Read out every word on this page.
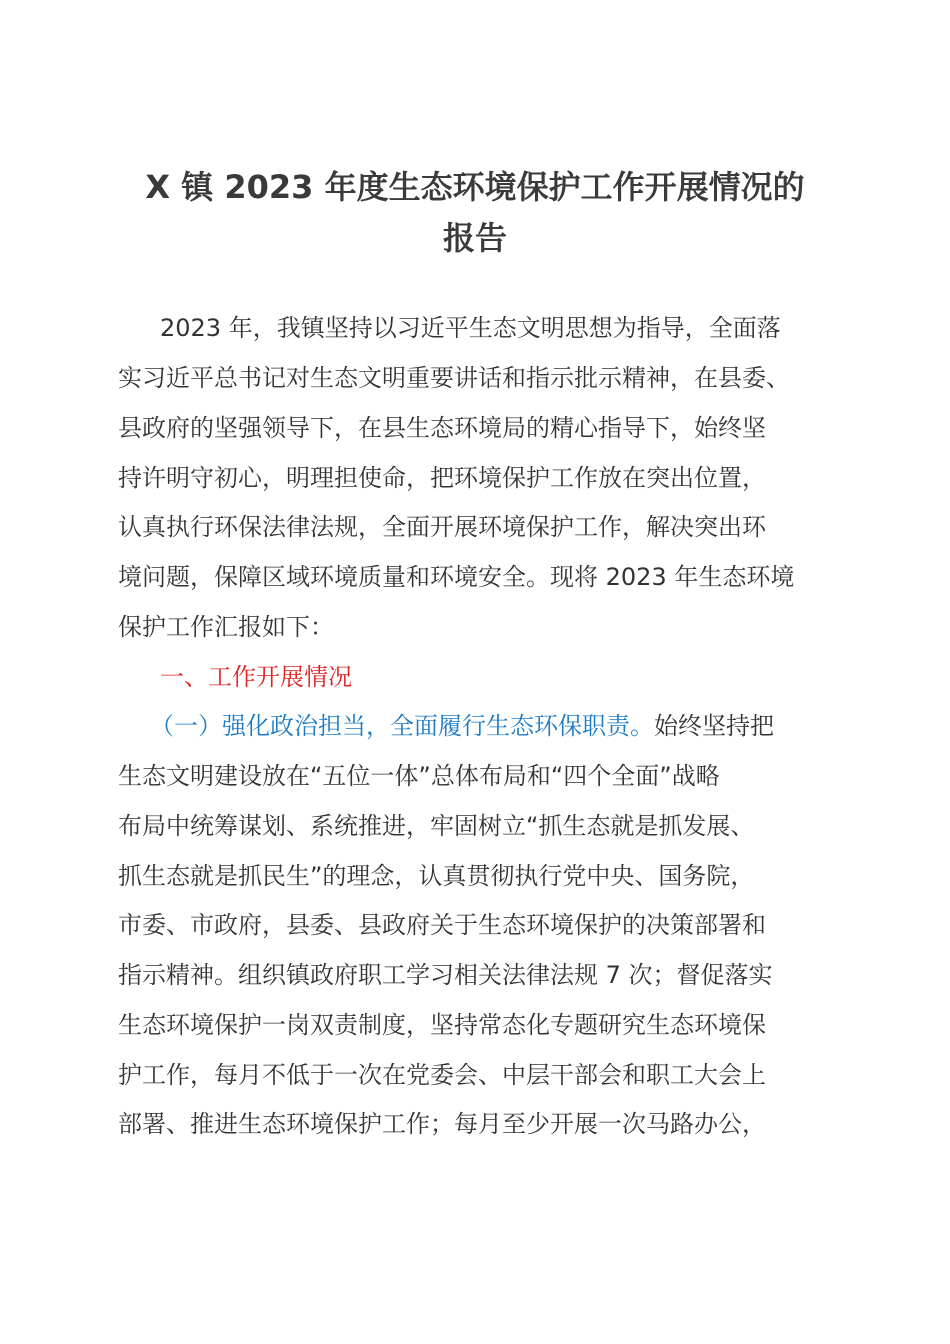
X 镇 2023 年度生态环境保护工作开展情况的
报告

2023 年，我镇坚持以习近平生态文明思想为指导，全面落

实习近平总书记对生态文明重要讲话和指示批示精神，在县委、

县政府的坚强领导下，在县生态环境局的精心指导下，始终坚

持许明守初心，明理担使命，把环境保护工作放在突出位置，

认真执行环保法律法规，全面开展环境保护工作，解决突出环

境问题，保障区域环境质量和环境安全。现将 2023 年生态环境

保护工作汇报如下：

一、工作开展情况

（一）强化政治担当，全面履行生态环保职责。始终坚持把

生态文明建设放在“五位一体”总体布局和“四个全面”战略

布局中统筹谋划、系统推进，牢固树立“抓生态就是抓发展、

抓生态就是抓民生”的理念，认真贯彻执行党中央、国务院，

市委、市政府，县委、县政府关于生态环境保护的决策部署和

指示精神。组织镇政府职工学习相关法律法规 7 次；督促落实

生态环境保护一岗双责制度，坚持常态化专题研究生态环境保

护工作，每月不低于一次在党委会、中层干部会和职工大会上

部署、推进生态环境保护工作；每月至少开展一次马路办公，
